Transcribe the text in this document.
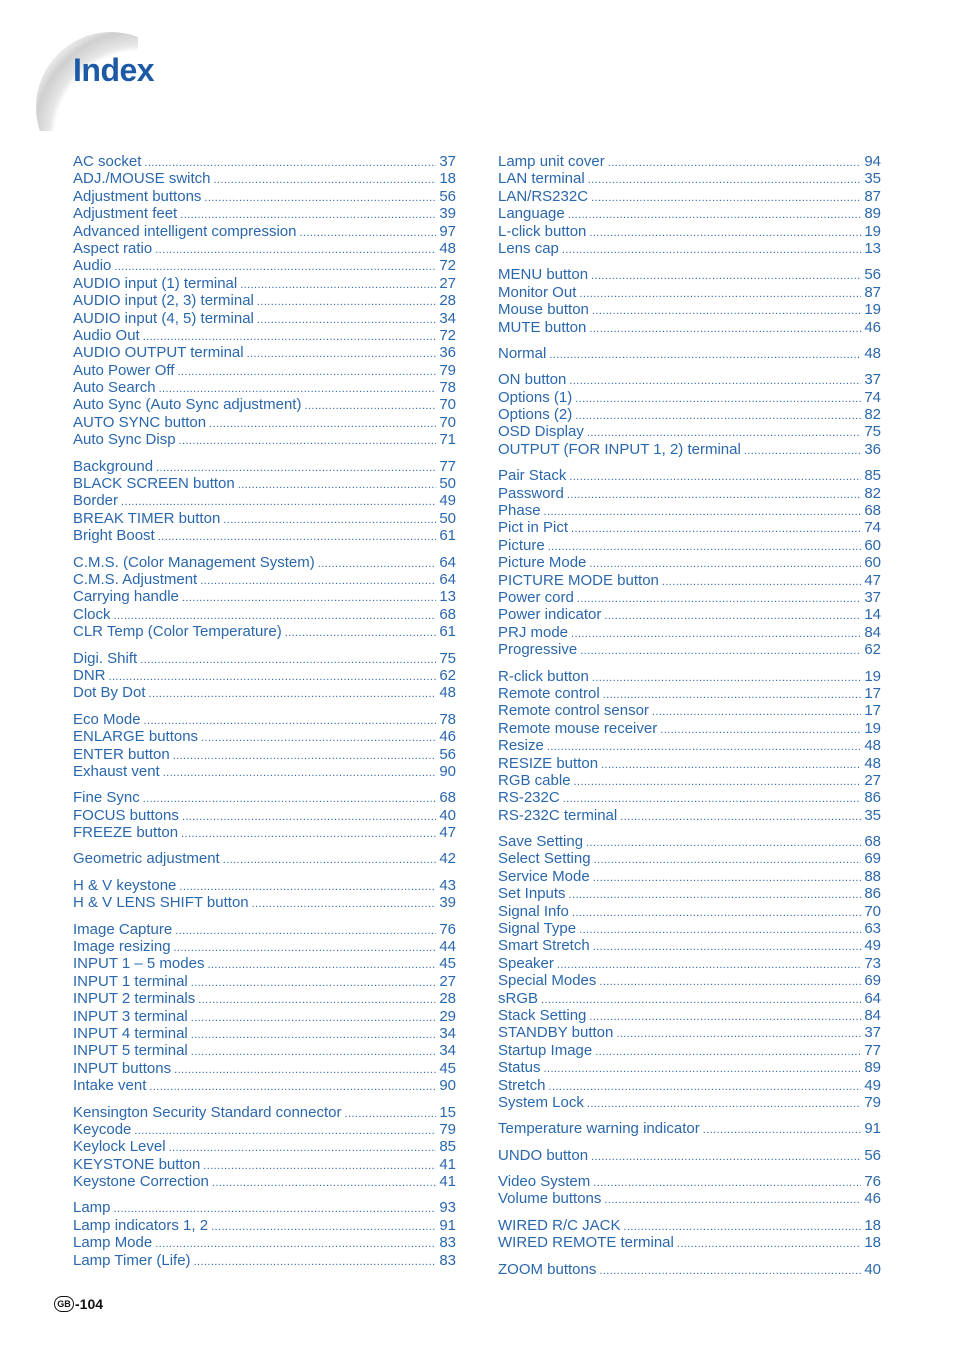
Index
AC socket .....	37
ADJ./MOUSE switch .....	18
Adjustment buttons .....	56
Adjustment feet .....	39
Advanced intelligent compression .....	97
Aspect ratio .....	48
Audio .....	72
AUDIO input (1) terminal .....	27
AUDIO input (2, 3) terminal .....	28
AUDIO input (4, 5) terminal .....	34
Audio Out .....	72
AUDIO OUTPUT terminal .....	36
Auto Power Off .....	79
Auto Search .....	78
Auto Sync (Auto Sync adjustment) .....	70
AUTO SYNC button .....	70
Auto Sync Disp .....	71
Background .....	77
BLACK SCREEN button .....	50
Border .....	49
BREAK TIMER button .....	50
Bright Boost .....	61
C.M.S. (Color Management System) .....	64
C.M.S. Adjustment .....	64
Carrying handle .....	13
Clock .....	68
CLR Temp (Color Temperature) .....	61
Digi. Shift .....	75
DNR .....	62
Dot By Dot .....	48
Eco Mode .....	78
ENLARGE buttons .....	46
ENTER button .....	56
Exhaust vent .....	90
Fine Sync .....	68
FOCUS buttons .....	40
FREEZE button .....	47
Geometric adjustment .....	42
H & V keystone .....	43
H & V LENS SHIFT button .....	39
Image Capture .....	76
Image resizing .....	44
INPUT 1 – 5 modes .....	45
INPUT 1 terminal .....	27
INPUT 2 terminals .....	28
INPUT 3 terminal .....	29
INPUT 4 terminal .....	34
INPUT 5 terminal .....	34
INPUT buttons .....	45
Intake vent .....	90
Kensington Security Standard connector .....	15
Keycode .....	79
Keylock Level .....	85
KEYSTONE button .....	41
Keystone Correction .....	41
Lamp .....	93
Lamp indicators 1, 2 .....	91
Lamp Mode .....	83
Lamp Timer (Life) .....	83
Lamp unit cover .....	94
LAN terminal .....	35
LAN/RS232C .....	87
Language .....	89
L-click button .....	19
Lens cap .....	13
MENU button .....	56
Monitor Out .....	87
Mouse button .....	19
MUTE button .....	46
Normal .....	48
ON button .....	37
Options (1) .....	74
Options (2) .....	82
OSD Display .....	75
OUTPUT (FOR INPUT 1, 2) terminal .....	36
Pair Stack .....	85
Password .....	82
Phase .....	68
Pict in Pict .....	74
Picture .....	60
Picture Mode .....	60
PICTURE MODE button .....	47
Power cord .....	37
Power indicator .....	14
PRJ mode .....	84
Progressive .....	62
R-click button .....	19
Remote control .....	17
Remote control sensor .....	17
Remote mouse receiver .....	19
Resize .....	48
RESIZE button .....	48
RGB cable .....	27
RS-232C .....	86
RS-232C terminal .....	35
Save Setting .....	68
Select Setting .....	69
Service Mode .....	88
Set Inputs .....	86
Signal Info .....	70
Signal Type .....	63
Smart Stretch .....	49
Speaker .....	73
Special Modes .....	69
sRGB .....	64
Stack Setting .....	84
STANDBY button .....	37
Startup Image .....	77
Status .....	89
Stretch .....	49
System Lock .....	79
Temperature warning indicator .....	91
UNDO button .....	56
Video System .....	76
Volume buttons .....	46
WIRED R/C JACK .....	18
WIRED REMOTE terminal .....	18
ZOOM buttons .....	40
GB -104
